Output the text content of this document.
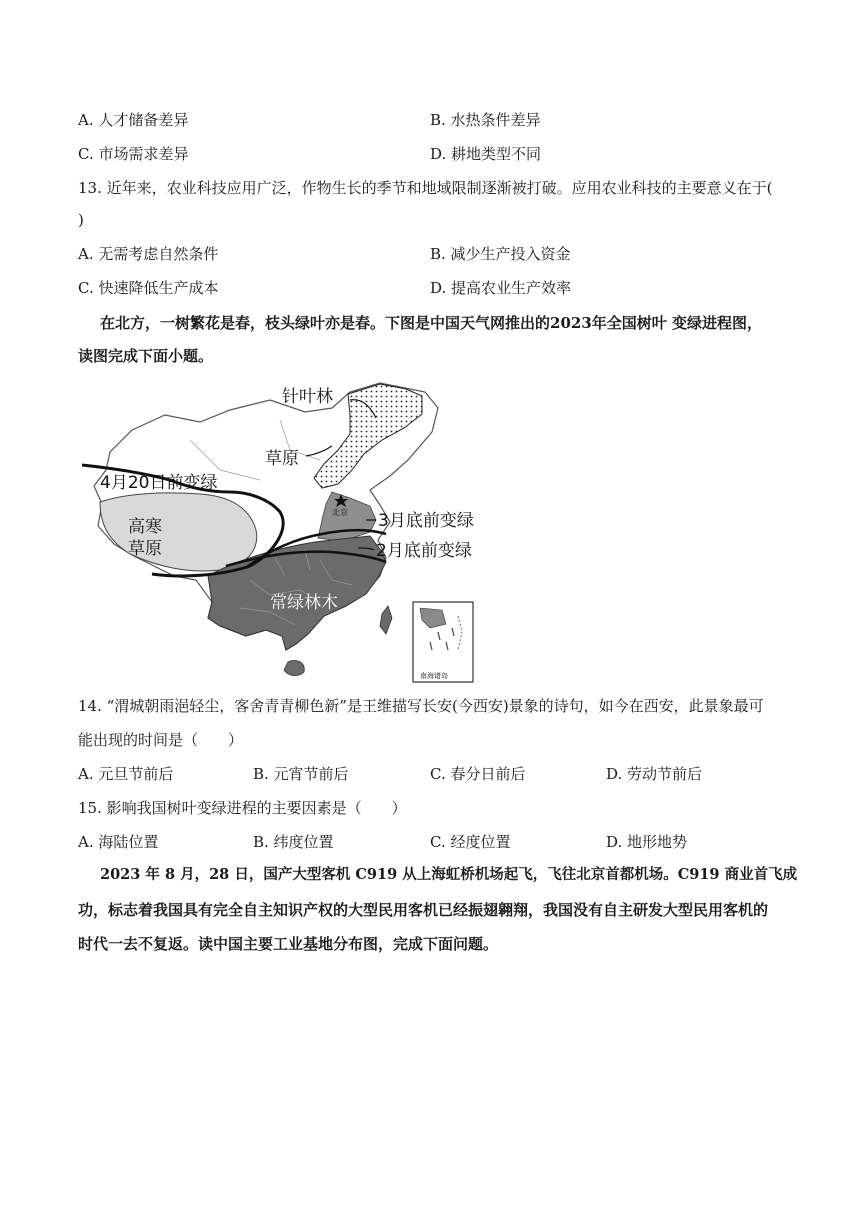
A. 人才储备差异	B. 水热条件差异
C. 市场需求差异	D. 耕地类型不同
13. 近年来，农业科技应用广泛，作物生长的季节和地域限制逐渐被打破。应用农业科技的主要意义在于(
)
A. 无需考虑自然条件	B. 减少生产投入资金
C. 快速降低生产成本	D. 提高农业生产效率
在北方，一树繁花是春，枝头绿叶亦是春。下图是中国天气网推出的2023年全国树叶 变绿进程图，
读图完成下面小题。
针叶林
草原
4月20日前变绿
高寒
草原
北京 3月底前变绿
2月底前变绿
常绿林木
南海诸岛
14. “渭城朝雨浥轻尘，客舍青青柳色新”是王维描写长安(今西安)景象的诗句，如今在西安，此景象最可
能出现的时间是（　　）
A. 元旦节前后	B. 元宵节前后	C. 春分日前后	D. 劳动节前后
15. 影响我国树叶变绿进程的主要因素是（　　）
A. 海陆位置	B. 纬度位置	C. 经度位置	D. 地形地势
2023 年 8 月，28 日，国产大型客机 C919 从上海虹桥机场起飞，飞往北京首都机场。C919 商业首飞成
功，标志着我国具有完全自主知识产权的大型民用客机已经振翅翱翔，我国没有自主研发大型民用客机的
时代一去不复返。读中国主要工业基地分布图，完成下面问题。
